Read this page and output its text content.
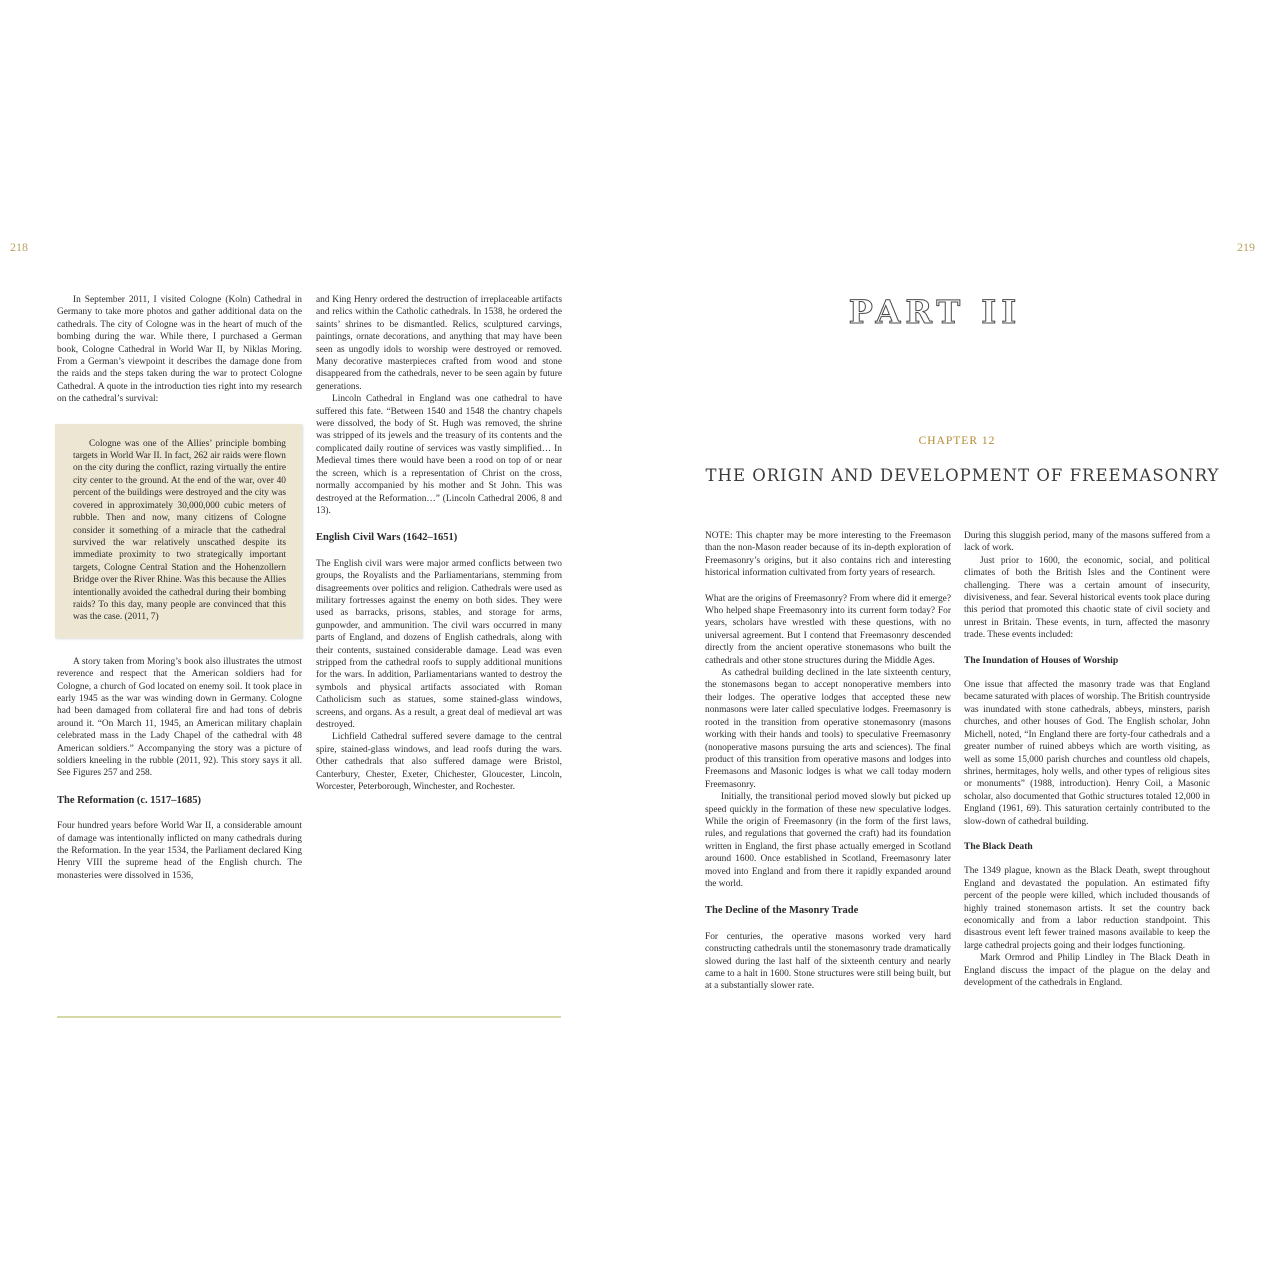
218

In September 2011, I visited Cologne (Koln) Cathedral in Germany to take more photos and gather additional data on the cathedrals. The city of Cologne was in the heart of much of the bombing during the war. While there, I purchased a German book, Cologne Cathedral in World War II, by Niklas Moring. From a German’s viewpoint it describes the damage done from the raids and the steps taken during the war to protect Cologne Cathedral. A quote in the introduction ties right into my research on the cathedral’s survival:

Cologne was one of the Allies’ principle bombing targets in World War II. In fact, 262 air raids were flown on the city during the conflict, razing virtually the entire city center to the ground. At the end of the war, over 40 percent of the buildings were destroyed and the city was covered in approximately 30,000,000 cubic meters of rubble. Then and now, many citizens of Cologne consider it something of a miracle that the cathedral survived the war relatively unscathed despite its immediate proximity to two strategically important targets, Cologne Central Station and the Hohenzollern Bridge over the River Rhine. Was this because the Allies intentionally avoided the cathedral during their bombing raids? To this day, many people are convinced that this was the case. (2011, 7)

A story taken from Moring’s book also illustrates the utmost reverence and respect that the American soldiers had for Cologne, a church of God located on enemy soil. It took place in early 1945 as the war was winding down in Germany. Cologne had been damaged from collateral fire and had tons of debris around it. “On March 11, 1945, an American military chaplain celebrated mass in the Lady Chapel of the cathedral with 48 American soldiers.” Accompanying the story was a picture of soldiers kneeling in the rubble (2011, 92). This story says it all. See Figures 257 and 258.

The Reformation (c. 1517–1685)

Four hundred years before World War II, a considerable amount of damage was intentionally inflicted on many cathedrals during the Reformation. In the year 1534, the Parliament declared King Henry VIII the supreme head of the English church. The monasteries were dissolved in 1536,

and King Henry ordered the destruction of irreplaceable artifacts and relics within the Catholic cathedrals. In 1538, he ordered the saints’ shrines to be dismantled. Relics, sculptured carvings, paintings, ornate decorations, and anything that may have been seen as ungodly idols to worship were destroyed or removed. Many decorative masterpieces crafted from wood and stone disappeared from the cathedrals, never to be seen again by future generations.

Lincoln Cathedral in England was one cathedral to have suffered this fate. “Between 1540 and 1548 the chantry chapels were dissolved, the body of St. Hugh was removed, the shrine was stripped of its jewels and the treasury of its contents and the complicated daily routine of services was vastly simplified… In Medieval times there would have been a rood on top of or near the screen, which is a representation of Christ on the cross, normally accompanied by his mother and St John. This was destroyed at the Reformation…” (Lincoln Cathedral 2006, 8 and 13).

English Civil Wars (1642–1651)

The English civil wars were major armed conflicts between two groups, the Royalists and the Parliamentarians, stemming from disagreements over politics and religion. Cathedrals were used as military fortresses against the enemy on both sides. They were used as barracks, prisons, stables, and storage for arms, gunpowder, and ammunition. The civil wars occurred in many parts of England, and dozens of English cathedrals, along with their contents, sustained considerable damage. Lead was even stripped from the cathedral roofs to supply additional munitions for the wars. In addition, Parliamentarians wanted to destroy the symbols and physical artifacts associated with Roman Catholicism such as statues, some stained-glass windows, screens, and organs. As a result, a great deal of medieval art was destroyed.

Lichfield Cathedral suffered severe damage to the central spire, stained-glass windows, and lead roofs during the wars. Other cathedrals that also suffered damage were Bristol, Canterbury, Chester, Exeter, Chichester, Gloucester, Lincoln, Worcester, Peterborough, Winchester, and Rochester.

219
PART II
CHAPTER 12
THE ORIGIN AND DEVELOPMENT OF FREEMASONRY

NOTE: This chapter may be more interesting to the Freemason than the non-Mason reader because of its in-depth exploration of Freemasonry’s origins, but it also contains rich and interesting historical information cultivated from forty years of research.

What are the origins of Freemasonry? From where did it emerge? Who helped shape Freemasonry into its current form today? For years, scholars have wrestled with these questions, with no universal agreement. But I contend that Freemasonry descended directly from the ancient operative stonemasons who built the cathedrals and other stone structures during the Middle Ages.

As cathedral building declined in the late sixteenth century, the stonemasons began to accept nonoperative members into their lodges. The operative lodges that accepted these new nonmasons were later called speculative lodges. Freemasonry is rooted in the transition from operative stonemasonry (masons working with their hands and tools) to speculative Freemasonry (nonoperative masons pursuing the arts and sciences). The final product of this transition from operative masons and lodges into Freemasons and Masonic lodges is what we call today modern Freemasonry.

Initially, the transitional period moved slowly but picked up speed quickly in the formation of these new speculative lodges. While the origin of Freemasonry (in the form of the first laws, rules, and regulations that governed the craft) had its foundation written in England, the first phase actually emerged in Scotland around 1600. Once established in Scotland, Freemasonry later moved into England and from there it rapidly expanded around the world.

The Decline of the Masonry Trade

For centuries, the operative masons worked very hard constructing cathedrals until the stonemasonry trade dramatically slowed during the last half of the sixteenth century and nearly came to a halt in 1600. Stone structures were still being built, but at a substantially slower rate.

During this sluggish period, many of the masons suffered from a lack of work.

Just prior to 1600, the economic, social, and political climates of both the British Isles and the Continent were challenging. There was a certain amount of insecurity, divisiveness, and fear. Several historical events took place during this period that promoted this chaotic state of civil society and unrest in Britain. These events, in turn, affected the masonry trade. These events included:

The Inundation of Houses of Worship

One issue that affected the masonry trade was that England became saturated with places of worship. The British countryside was inundated with stone cathedrals, abbeys, minsters, parish churches, and other houses of God. The English scholar, John Michell, noted, “In England there are forty-four cathedrals and a greater number of ruined abbeys which are worth visiting, as well as some 15,000 parish churches and countless old chapels, shrines, hermitages, holy wells, and other types of religious sites or monuments” (1988, introduction). Henry Coil, a Masonic scholar, also documented that Gothic structures totaled 12,000 in England (1961, 69). This saturation certainly contributed to the slow-down of cathedral building.

The Black Death

The 1349 plague, known as the Black Death, swept throughout England and devastated the population. An estimated fifty percent of the people were killed, which included thousands of highly trained stonemason artists. It set the country back economically and from a labor reduction standpoint. This disastrous event left fewer trained masons available to keep the large cathedral projects going and their lodges functioning.

Mark Ormrod and Philip Lindley in The Black Death in England discuss the impact of the plague on the delay and development of the cathedrals in England.
